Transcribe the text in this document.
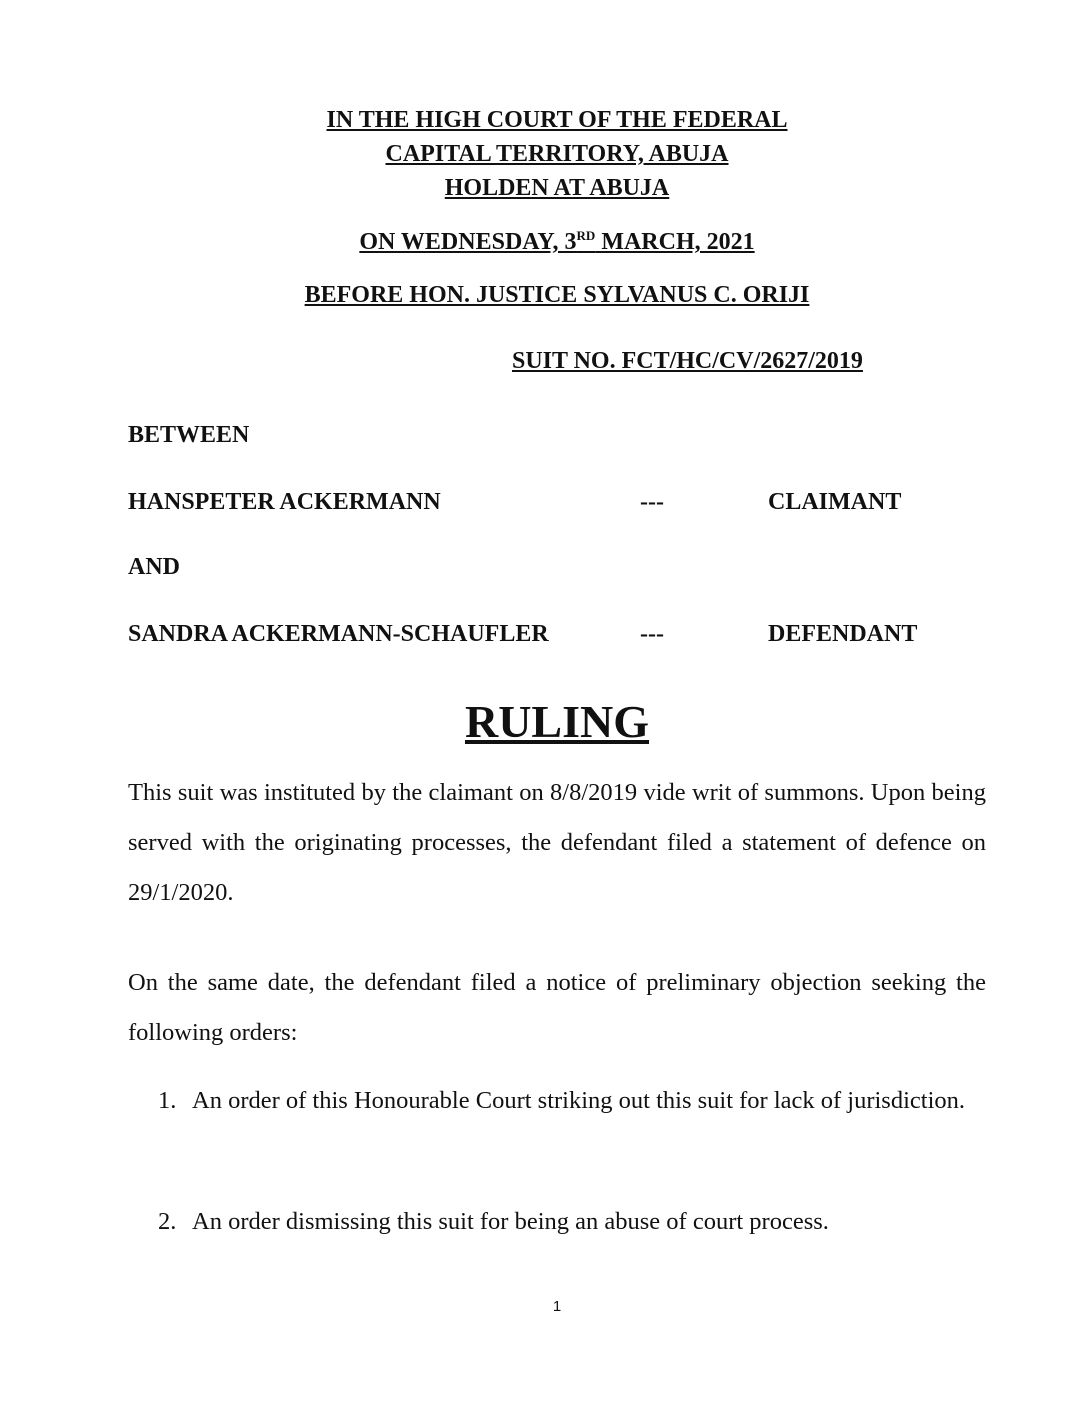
IN THE HIGH COURT OF THE FEDERAL
CAPITAL TERRITORY, ABUJA
HOLDEN AT ABUJA
ON WEDNESDAY, 3RD MARCH, 2021
BEFORE HON. JUSTICE SYLVANUS C. ORIJI
SUIT NO. FCT/HC/CV/2627/2019
BETWEEN
HANSPETER ACKERMANN	---	CLAIMANT
AND
SANDRA ACKERMANN-SCHAUFLER	---	DEFENDANT
RULING
This suit was instituted by the claimant on 8/8/2019 vide writ of summons. Upon being served with the originating processes, the defendant filed a statement of defence on 29/1/2020.
On the same date, the defendant filed a notice of preliminary objection seeking the following orders:
1. An order of this Honourable Court striking out this suit for lack of jurisdiction.
2. An order dismissing this suit for being an abuse of court process.
1
